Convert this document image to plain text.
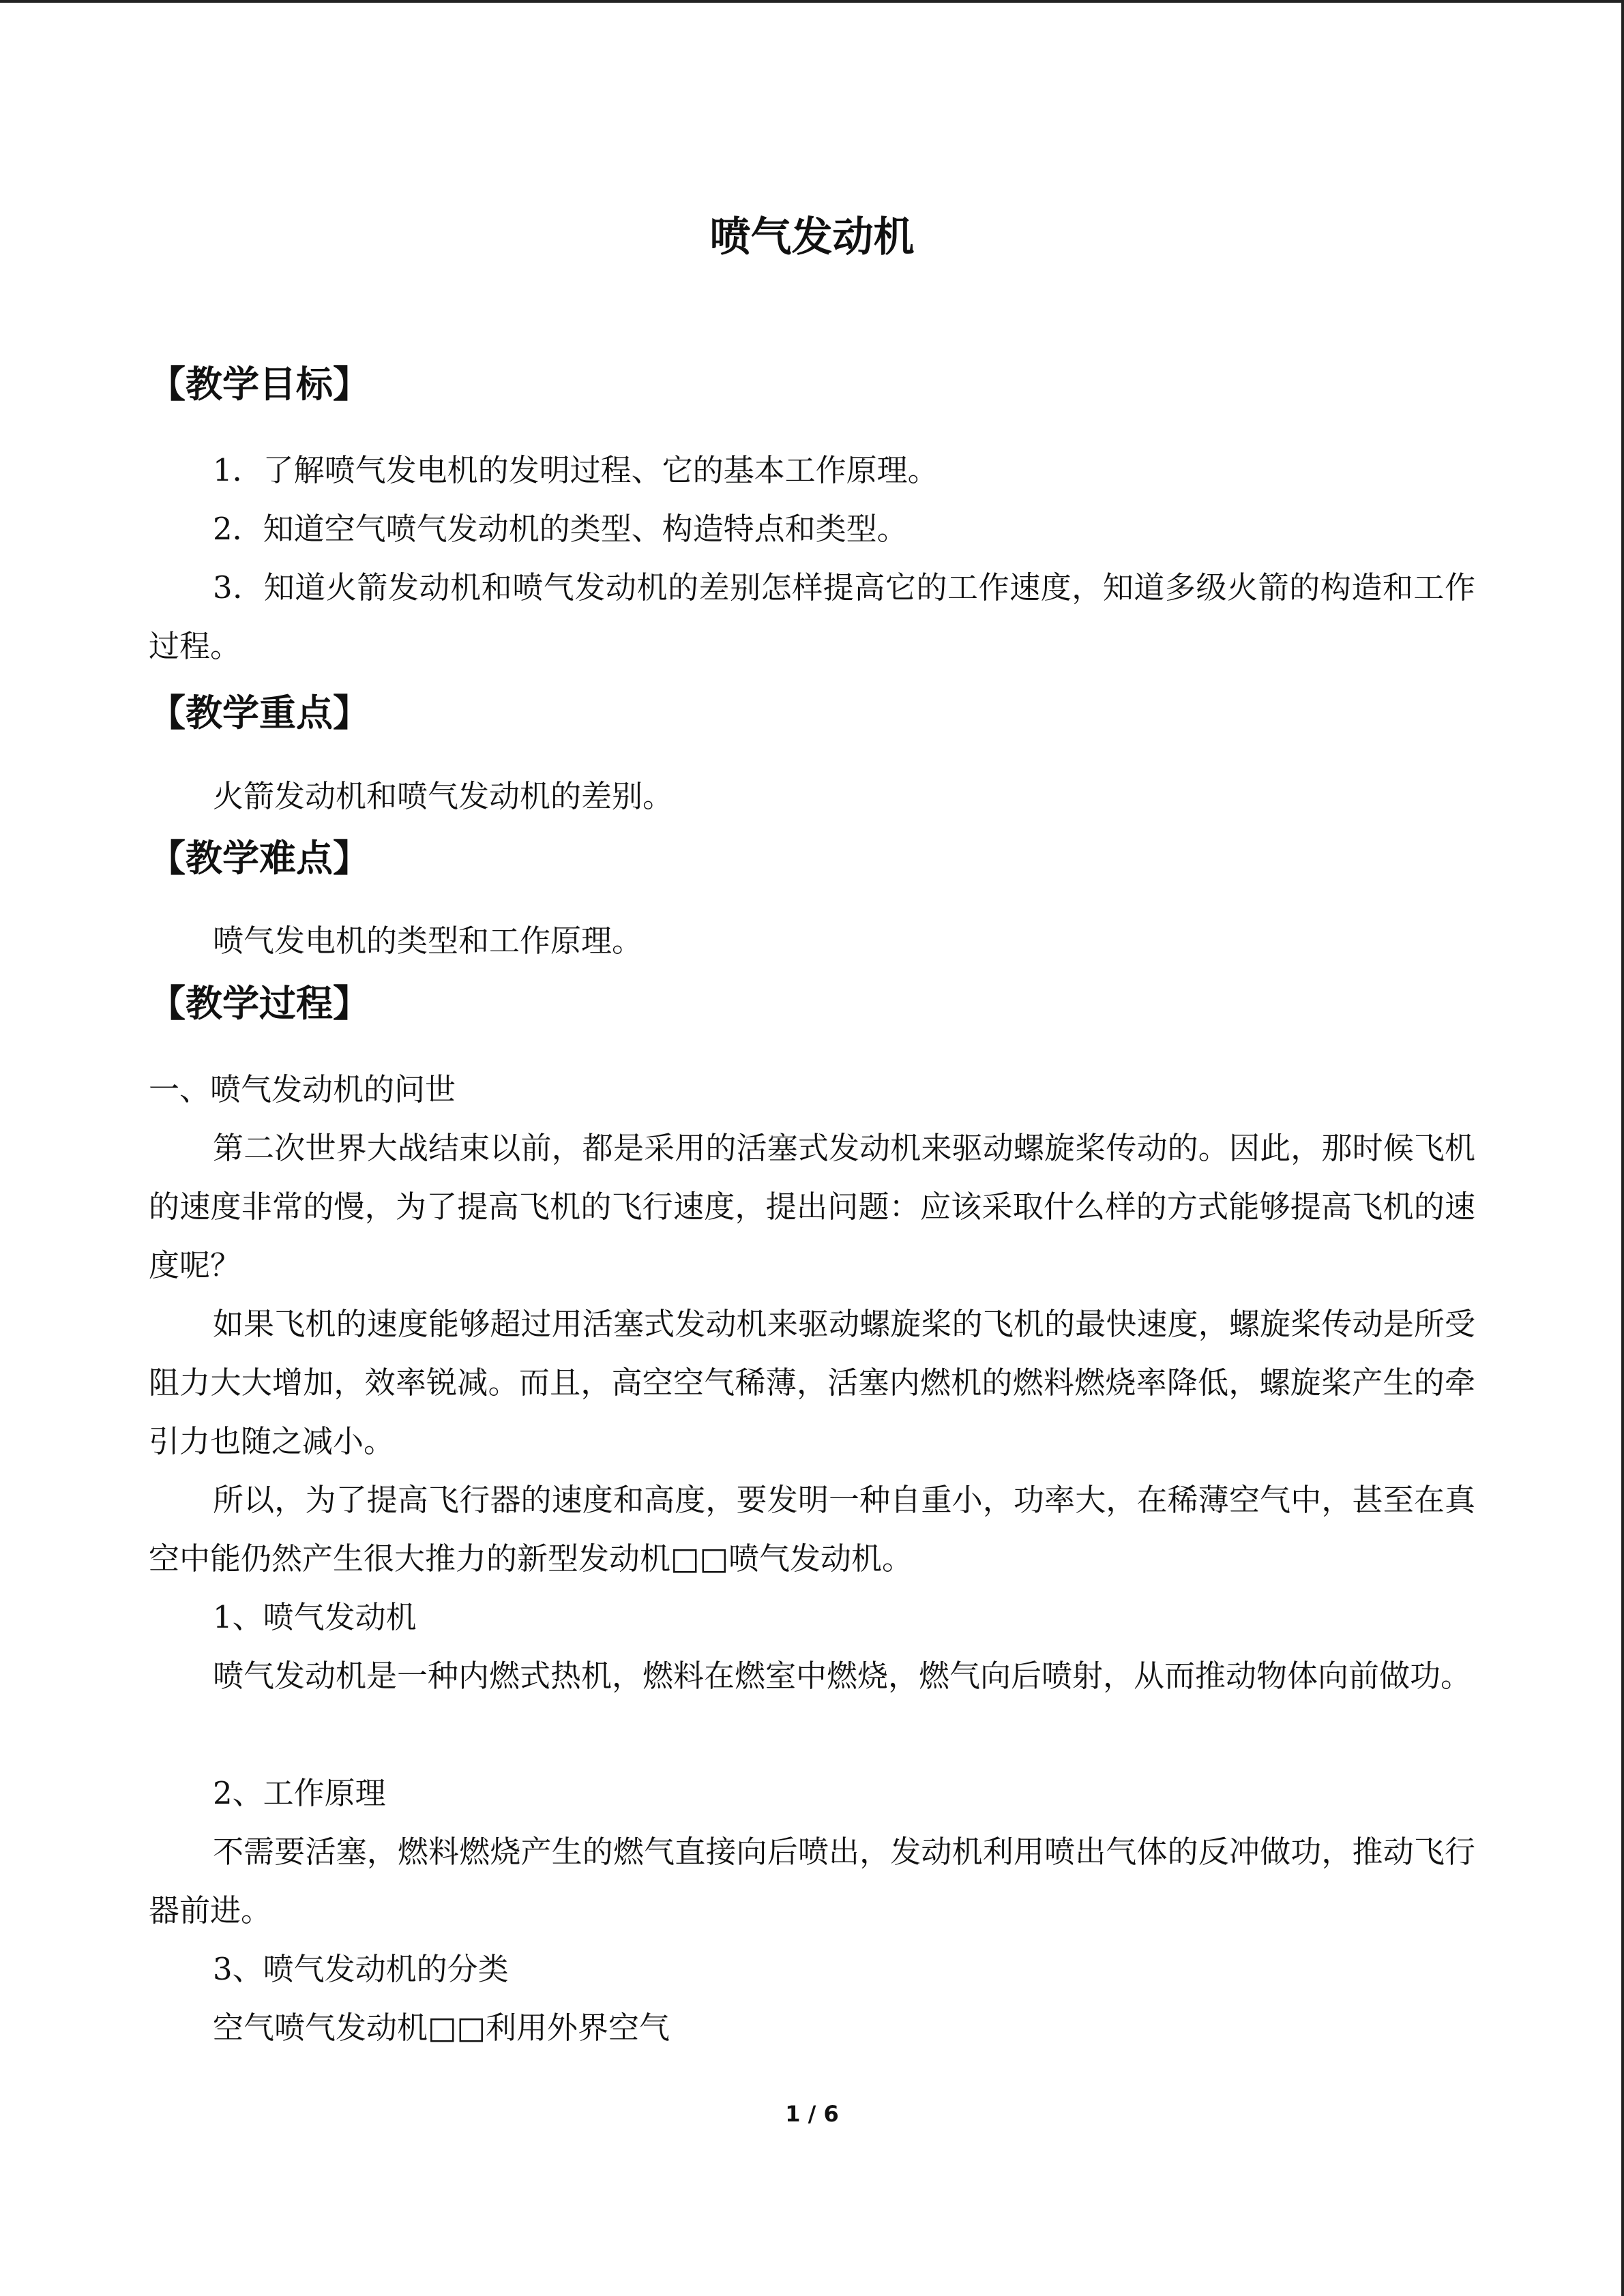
喷气发动机
【教学目标】

1．了解喷气发电机的发明过程、它的基本工作原理。

2．知道空气喷气发动机的类型、构造特点和类型。

3．知道火箭发动机和喷气发动机的差别怎样提高它的工作速度，知道多级火箭的构造和工作过程。

【教学重点】

火箭发动机和喷气发动机的差别。

【教学难点】

喷气发电机的类型和工作原理。

【教学过程】

一、喷气发动机的问世

第二次世界大战结束以前，都是采用的活塞式发动机来驱动螺旋桨传动的。因此，那时候飞机的速度非常的慢，为了提高飞机的飞行速度，提出问题：应该采取什么样的方式能够提高飞机的速度呢？

如果飞机的速度能够超过用活塞式发动机来驱动螺旋桨的飞机的最快速度，螺旋桨传动是所受阻力大大增加，效率锐减。而且，高空空气稀薄，活塞内燃机的燃料燃烧率降低，螺旋桨产生的牵引力也随之减小。

所以，为了提高飞行器的速度和高度，要发明一种自重小，功率大，在稀薄空气中，甚至在真空中能仍然产生很大推力的新型发动机□□喷气发动机。

1、喷气发动机

喷气发动机是一种内燃式热机，燃料在燃室中燃烧，燃气向后喷射，从而推动物体向前做功。

2、工作原理

不需要活塞，燃料燃烧产生的燃气直接向后喷出，发动机利用喷出气体的反冲做功，推动飞行器前进。

3、喷气发动机的分类

空气喷气发动机□□利用外界空气

1 / 6
